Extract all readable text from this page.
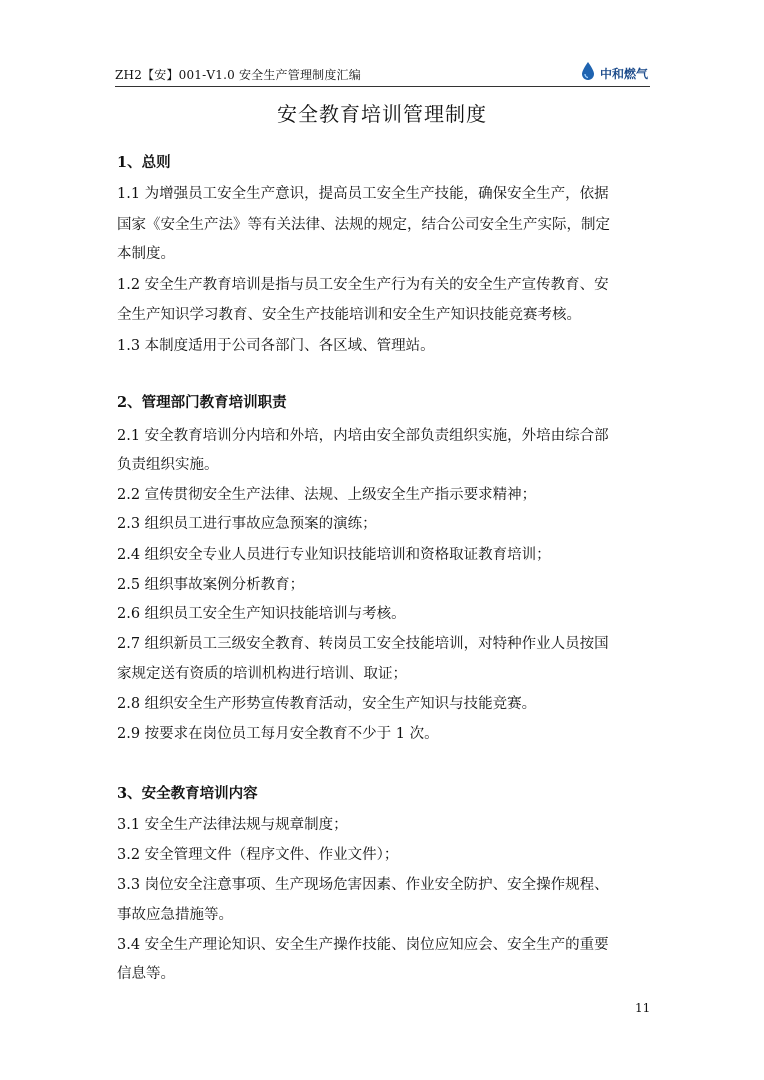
ZH2【安】001-V1.0 安全生产管理制度汇编	中和燃气
安全教育培训管理制度
1、总则
1.1 为增强员工安全生产意识，提高员工安全生产技能，确保安全生产，依据
国家《安全生产法》等有关法律、法规的规定，结合公司安全生产实际，制定
本制度。
1.2 安全生产教育培训是指与员工安全生产行为有关的安全生产宣传教育、安
全生产知识学习教育、安全生产技能培训和安全生产知识技能竞赛考核。
1.3 本制度适用于公司各部门、各区域、管理站。
2、管理部门教育培训职责
2.1 安全教育培训分内培和外培，内培由安全部负责组织实施，外培由综合部
负责组织实施。
2.2 宣传贯彻安全生产法律、法规、上级安全生产指示要求精神；
2.3 组织员工进行事故应急预案的演练；
2.4 组织安全专业人员进行专业知识技能培训和资格取证教育培训；
2.5 组织事故案例分析教育；
2.6 组织员工安全生产知识技能培训与考核。
2.7 组织新员工三级安全教育、转岗员工安全技能培训，对特种作业人员按国
家规定送有资质的培训机构进行培训、取证；
2.8 组织安全生产形势宣传教育活动，安全生产知识与技能竞赛。
2.9 按要求在岗位员工每月安全教育不少于 1 次。
3、安全教育培训内容
3.1 安全生产法律法规与规章制度；
3.2 安全管理文件（程序文件、作业文件）；
3.3 岗位安全注意事项、生产现场危害因素、作业安全防护、安全操作规程、
事故应急措施等。
3.4 安全生产理论知识、安全生产操作技能、岗位应知应会、安全生产的重要
信息等。
11
